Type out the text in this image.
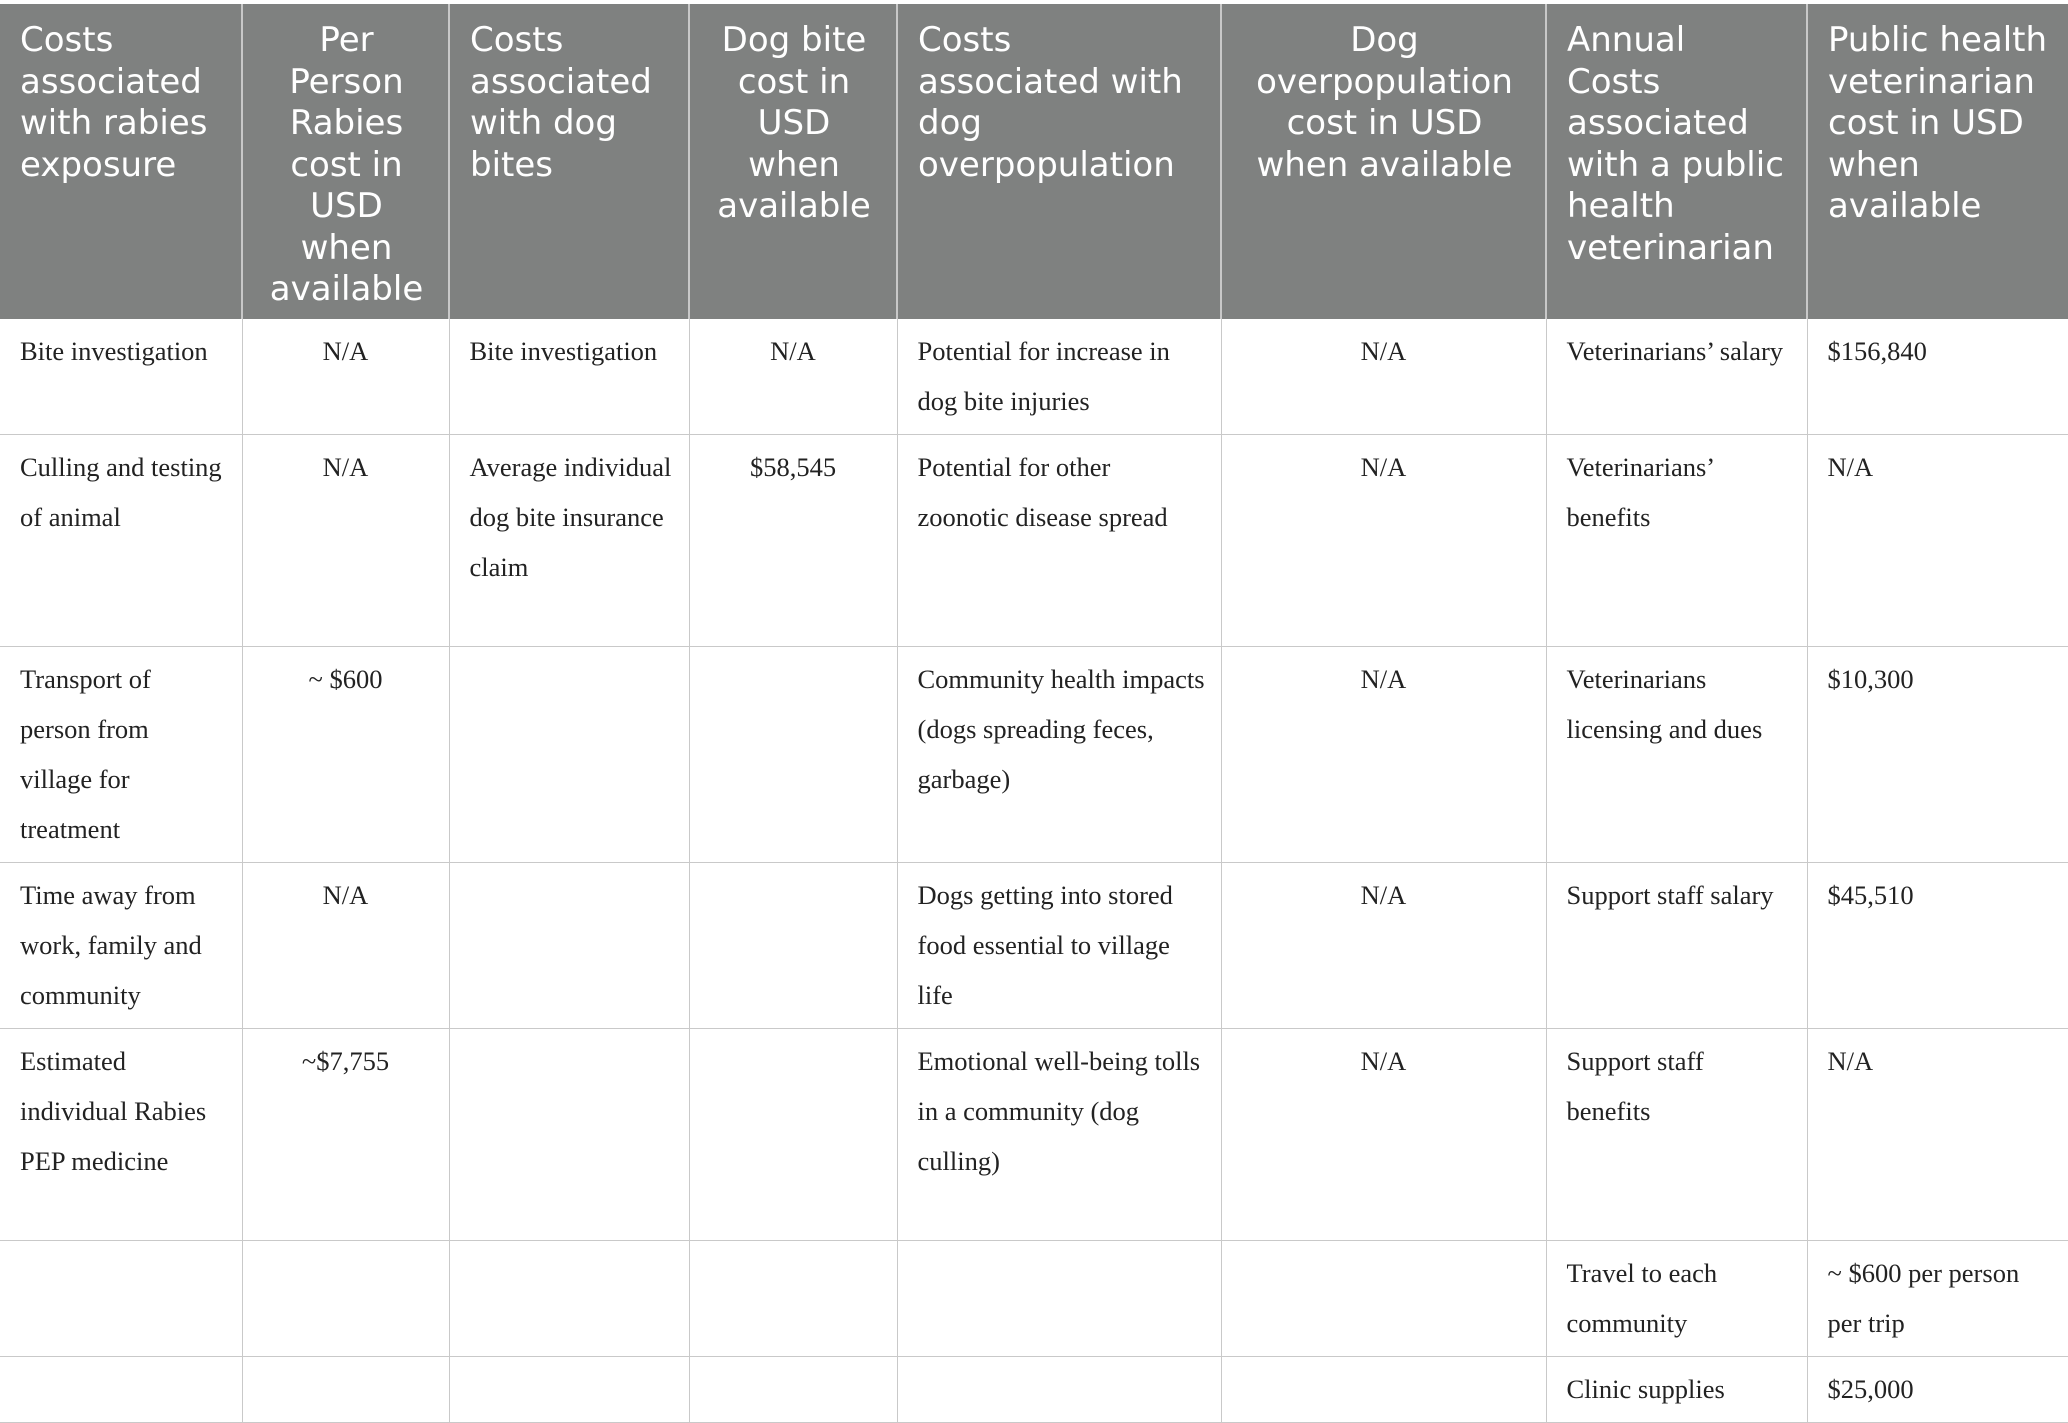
Costs associated with rabies exposure	Per Person Rabies cost in USD when available	Costs associated with dog bites	Dog bite cost in USD when available	Costs associated with dog overpopulation	Dog overpopulation cost in USD when available	Annual Costs associated with a public health veterinarian	Public health veterinarian cost in USD when available
Bite investigation	N/A	Bite investigation	N/A	Potential for increase in dog bite injuries	N/A	Veterinarians’ salary	$156,840
Culling and testing of animal	N/A	Average individual dog bite insurance claim	$58,545	Potential for other zoonotic disease spread	N/A	Veterinarians’ benefits	N/A
Transport of person from village for treatment	~ $600			Community health impacts (dogs spreading feces, garbage)	N/A	Veterinarians licensing and dues	$10,300
Time away from work, family and community	N/A			Dogs getting into stored food essential to village life	N/A	Support staff salary	$45,510
Estimated individual Rabies PEP medicine	~$7,755			Emotional well-being tolls in a community (dog culling)	N/A	Support staff benefits	N/A
						Travel to each community	~ $600 per person per trip
						Clinic supplies	$25,000
